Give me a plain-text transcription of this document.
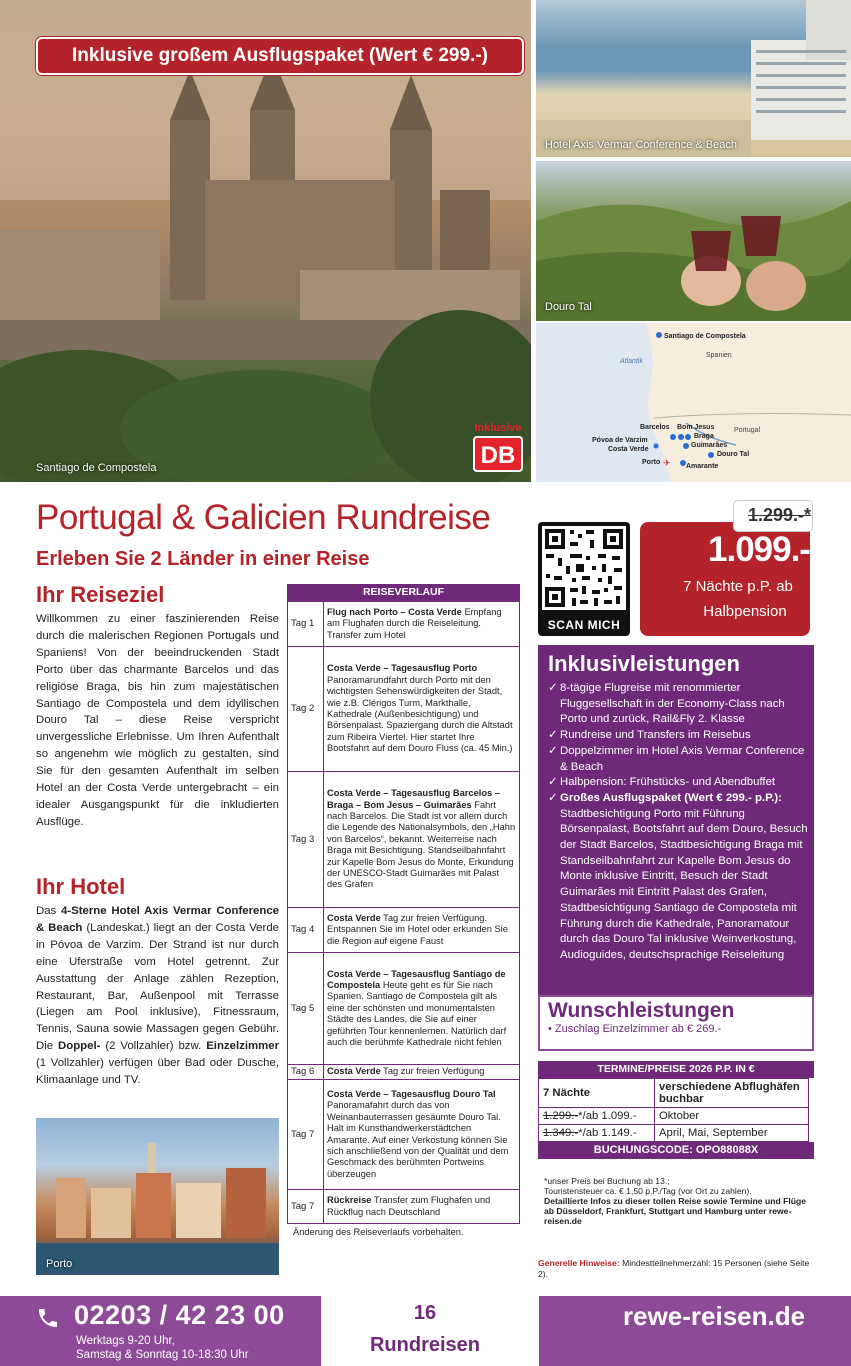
Inklusive
DB
Santiago de Compostela
Inklusive großem Ausflugspaket (Wert € 299.-)
Hotel Axis Vermar Conference & Beach
Douro Tal
Atlantik
Spanien
Portugal
Santiago de Compostela
Barcelos Bom Jesus
Braga
Guimarães
Póvoa de Varzim
Costa Verde
Douro Tal
Porto
Amarante
✈
Portugal & Galicien Rundreise
Erleben Sie 2 Länder in einer Reise
Ihr Reiseziel
Willkommen zu einer faszinierenden Reise durch die malerischen Regionen Portugals und Spaniens! Von der beeindruckenden Stadt Porto über das charmante Barcelos und das religiöse Braga, bis hin zum majestätischen Santiago de Compostela und dem idyllischen Douro Tal – diese Reise verspricht unvergessliche Erlebnisse. Um Ihren Aufenthalt so angenehm wie möglich zu gestalten, sind Sie für den gesamten Aufenthalt im selben Hotel an der Costa Verde untergebracht – ein idealer Ausgangspunkt für die inkludierten Ausflüge.
Ihr Hotel
Das 4-Sterne Hotel Axis Vermar Conference & Beach (Landeskat.) liegt an der Costa Verde in Póvoa de Varzim. Der Strand ist nur durch eine Uferstraße vom Hotel getrennt. Zur Ausstattung der Anlage zählen Rezeption, Restaurant, Bar, Außenpool mit Terrasse (Liegen am Pool inklusive), Fitnessraum, Tennis, Sauna sowie Massagen gegen Gebühr. Die Doppel- (2 Vollzahler) bzw. Einzelzimmer (1 Vollzahler) verfügen über Bad oder Dusche, Klimaanlage und TV.
Porto
REISEVERLAUF
Tag 1	Flug nach Porto – Costa Verde Empfang am Flughafen durch die Reiseleitung. Transfer zum Hotel
Tag 2	Costa Verde – Tagesausflug Porto Panoramarundfahrt durch Porto mit den wichtigsten Sehenswürdigkeiten der Stadt, wie z.B. Clérigos Turm, Markthalle, Kathedrale (Außenbesichtigung) und Börsenpalast. Spaziergang durch die Altstadt zum Ribeira Viertel. Hier startet Ihre Bootsfahrt auf dem Douro Fluss (ca. 45 Min.)
Tag 3	Costa Verde – Tagesausflug Barcelos – Braga – Bom Jesus – Guimarães Fahrt nach Barcelos. Die Stadt ist vor allem durch die Legende des Nationalsymbols, den „Hahn von Barcelos“, bekannt. Weiterreise nach Braga mit Besichtigung. Standseilbahnfahrt zur Kapelle Bom Jesus do Monte, Erkundung der UNESCO-Stadt Guimarães mit Palast des Grafen
Tag 4	Costa Verde Tag zur freien Verfügung. Entspannen Sie im Hotel oder erkunden Sie die Region auf eigene Faust
Tag 5	Costa Verde – Tagesausflug Santiago de Compostela Heute geht es für Sie nach Spanien. Santiago de Compostela gilt als eine der schönsten und monumentalsten Städte des Landes, die Sie auf einer geführten Tour kennenlernen. Natürlich darf auch die berühmte Kathedrale nicht fehlen
Tag 6	Costa Verde Tag zur freien Verfügung
Tag 7	Costa Verde – Tagesausflug Douro Tal Panoramafahrt durch das von Weinanbauterrassen gesäumte Douro Tal. Halt im Kunsthandwerkerstädtchen Amarante. Auf einer Verkostung können Sie sich anschließend von der Qualität und dem Geschmack des berühmten Portweins überzeugen
Tag 7	Rückreise Transfer zum Flughafen und Rückflug nach Deutschland
Änderung des Reiseverlaufs vorbehalten.
SCAN MICH
1.299.-*
1.099.-
7 Nächte p.P. ab
Halbpension
Inklusivleistungen
✓ 8-tägige Flugreise mit renommierter Fluggesellschaft in der Economy-Class nach Porto und zurück, Rail&Fly 2. Klasse
✓ Rundreise und Transfers im Reisebus
✓ Doppelzimmer im Hotel Axis Vermar Conference & Beach
✓ Halbpension: Frühstücks- und Abendbuffet
✓ Großes Ausflugspaket (Wert € 299.- p.P.): Stadtbesichtigung Porto mit Führung Börsenpalast, Bootsfahrt auf dem Douro, Besuch der Stadt Barcelos, Stadtbesichtigung Braga mit Standseilbahnfahrt zur Kapelle Bom Jesus do Monte inklusive Eintritt, Besuch der Stadt Guimarães mit Eintritt Palast des Grafen, Stadtbesichtigung Santiago de Compostela mit Führung durch die Kathedrale, Panoramatour durch das Douro Tal inklusive Weinverkostung, Audioguides, deutschsprachige Reiseleitung
Wunschleistungen
• Zuschlag Einzelzimmer ab € 269.-
TERMINE/PREISE 2026 P.P. IN €
7 Nächte	verschiedene Abflughäfen buchbar
1.299.-*/ab 1.099.-	Oktober
1.349.-*/ab 1.149.-	April, Mai, September
BUCHUNGSCODE: OPO88088X
*unser Preis bei Buchung ab 13.;
Touristensteuer ca. € 1,50 p.P./Tag (vor Ort zu zahlen).
Detaillierte Infos zu dieser tollen Reise sowie Termine und Flüge ab Düsseldorf, Frankfurt, Stuttgart und Hamburg unter rewe-reisen.de
Generelle Hinweise: Mindestteilnehmerzahl: 15 Personen (siehe Seite 2).
02203 / 42 23 00
Werktags 9-20 Uhr,
Samstag & Sonntag 10-18:30 Uhr
16
Rundreisen
rewe-reisen.de
